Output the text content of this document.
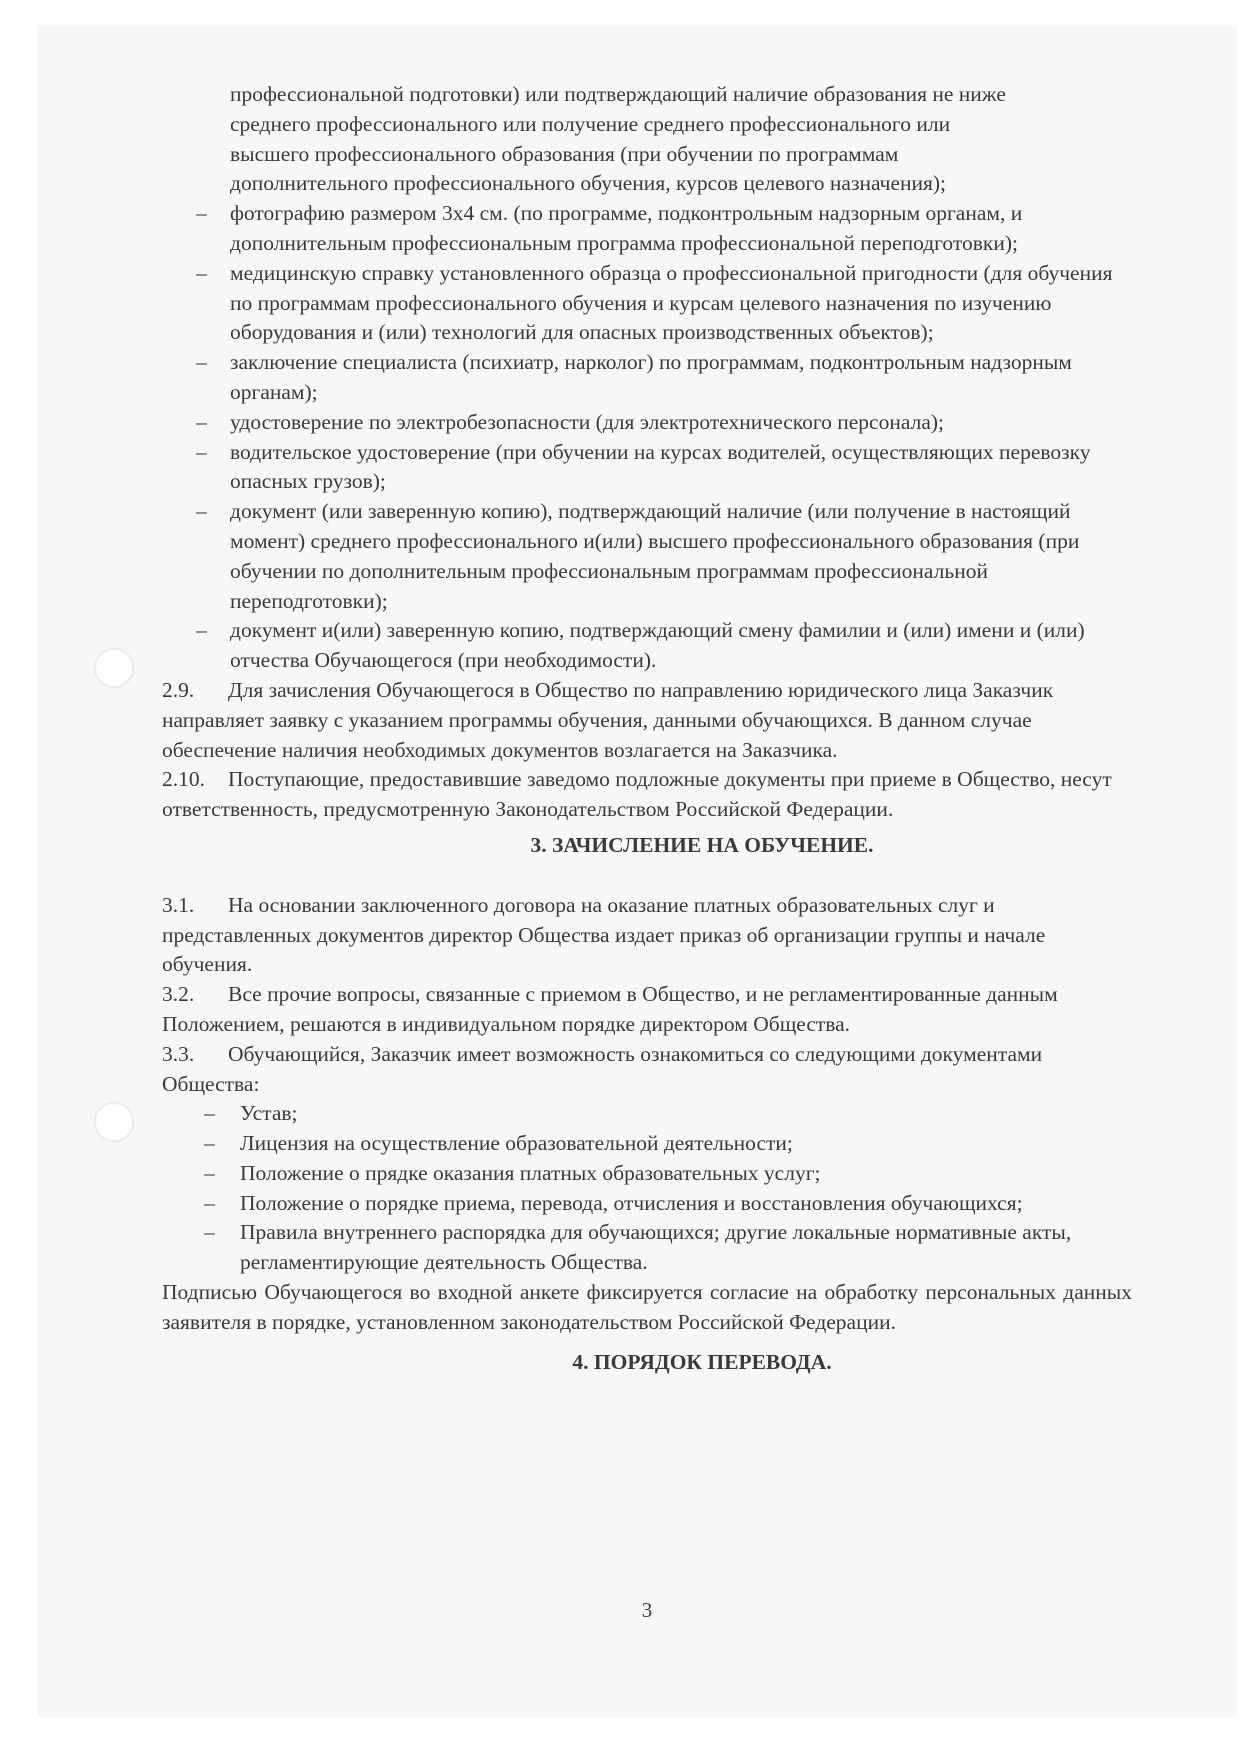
профессиональной подготовки) или подтверждающий наличие образования не ниже
среднего профессионального или получение среднего профессионального или
высшего профессионального образования (при обучении по программам
дополнительного профессионального обучения, курсов целевого назначения);
– фотографию размером 3х4 см. (по программе, подконтрольным надзорным органам, и дополнительным профессиональным программа профессиональной переподготовки);
– медицинскую справку установленного образца о профессиональной пригодности (для обучения по программам профессионального обучения и курсам целевого назначения по изучению оборудования и (или) технологий для опасных производственных объектов);
– заключение специалиста (психиатр, нарколог) по программам, подконтрольным надзорным органам);
– удостоверение по электробезопасности (для электротехнического персонала);
– водительское удостоверение (при обучении на курсах водителей, осуществляющих перевозку опасных грузов);
– документ (или заверенную копию), подтверждающий наличие (или получение в настоящий момент) среднего профессионального и(или) высшего профессионального образования (при обучении по дополнительным профессиональным программам профессиональной переподготовки);
– документ и(или) заверенную копию, подтверждающий смену фамилии и (или) имени и (или) отчества Обучающегося (при необходимости).

2.9. Для зачисления Обучающегося в Общество по направлению юридического лица Заказчик направляет заявку с указанием программы обучения, данными обучающихся. В данном случае обеспечение наличия необходимых документов возлагается на Заказчика.

2.10. Поступающие, предоставившие заведомо подложные документы при приеме в Общество, несут ответственность, предусмотренную Законодательством Российской Федерации.

3. ЗАЧИСЛЕНИЕ НА ОБУЧЕНИЕ.

3.1. На основании заключенного договора на оказание платных образовательных слуг и представленных документов директор Общества издает приказ об организации группы и начале обучения.

3.2. Все прочие вопросы, связанные с приемом в Общество, и не регламентированные данным Положением, решаются в индивидуальном порядке директором Общества.

3.3. Обучающийся, Заказчик имеет возможность ознакомиться со следующими документами Общества:

– Устав;
– Лицензия на осуществление образовательной деятельности;
– Положение о прядке оказания платных образовательных услуг;
– Положение о порядке приема, перевода, отчисления и восстановления обучающихся;
– Правила внутреннего распорядка для обучающихся; другие локальные нормативные акты, регламентирующие деятельность Общества.

Подписью Обучающегося во входной анкете фиксируется согласие на обработку персональных данных заявителя в порядке, установленном законодательством Российской Федерации.

4. ПОРЯДОК ПЕРЕВОДА.
3
